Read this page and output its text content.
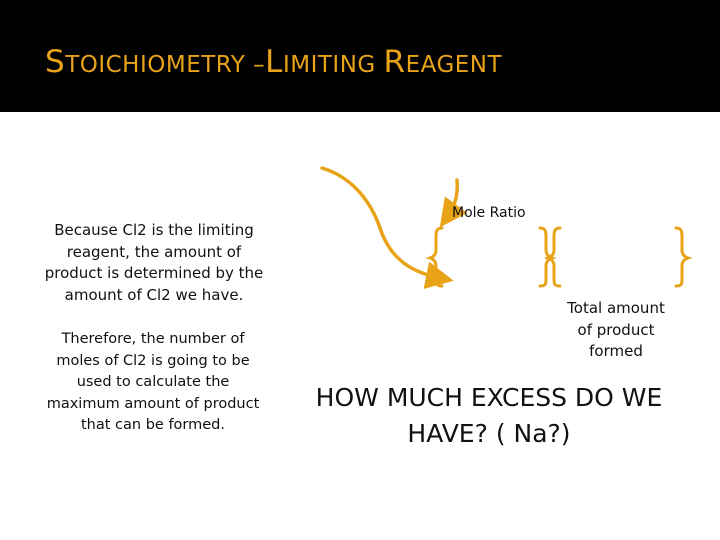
STOICHIOMETRY –LIMITING REAGENT
Because Cl2 is the limiting reagent, the amount of product is determined by the amount of Cl2 we have.
Therefore, the number of moles of Cl2 is going to be used to calculate the maximum amount of product that can be formed.
Mole Ratio
Total amount of product formed
HOW MUCH EXCESS DO WE HAVE? ( Na?)
